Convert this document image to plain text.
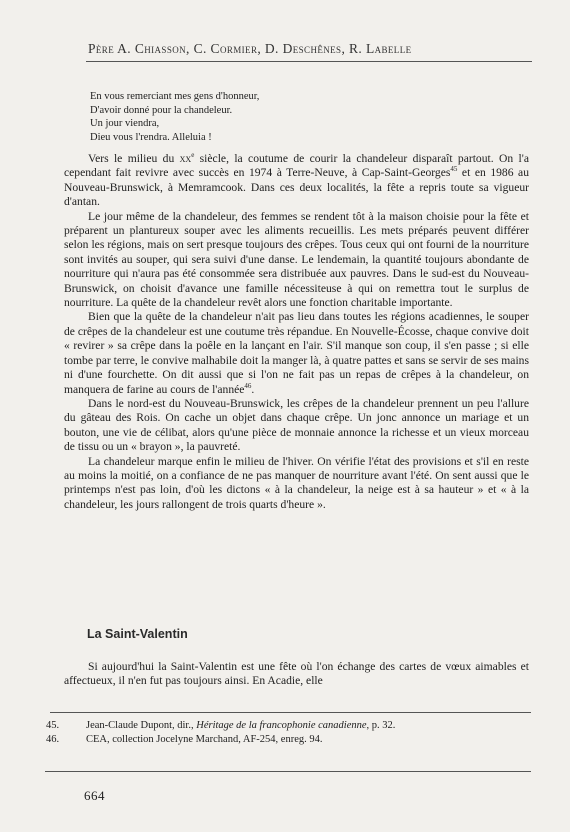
Père A. Chiasson, C. Cormier, D. Deschênes, R. Labelle
En vous remerciant mes gens d'honneur,
D'avoir donné pour la chandeleur.
Un jour viendra,
Dieu vous l'rendra. Alleluia !

Vers le milieu du $xx^e$ siècle, la coutume de courir la chandeleur disparaît partout. On l'a cependant fait revivre avec succès en 1974 à Terre-Neuve, à Cap-Saint-Georges$^{45}$ et en 1986 au Nouveau-Brunswick, à Memramcook. Dans ces deux localités, la fête a repris toute sa vigueur d'antan.

Le jour même de la chandeleur, des femmes se rendent tôt à la maison choisie pour la fête et préparent un plantureux souper avec les aliments recueillis. Les mets préparés peuvent différer selon les régions, mais on sert presque toujours des crêpes. Tous ceux qui ont fourni de la nourriture sont invités au souper, qui sera suivi d'une danse. Le lendemain, la quantité toujours abondante de nourriture qui n'aura pas été consommée sera distribuée aux pauvres. Dans le sud-est du Nouveau-Brunswick, on choisit d'avance une famille nécessiteuse à qui on remettra tout le surplus de nourriture. La quête de la chandeleur revêt alors une fonction charitable importante.

Bien que la quête de la chandeleur n'ait pas lieu dans toutes les régions acadiennes, le souper de crêpes de la chandeleur est une coutume très répandue. En Nouvelle-Écosse, chaque convive doit « revirer » sa crêpe dans la poêle en la lançant en l'air. S'il manque son coup, il s'en passe ; si elle tombe par terre, le convive malhabile doit la manger là, à quatre pattes et sans se servir de ses mains ni d'une fourchette. On dit aussi que si l'on ne fait pas un repas de crêpes à la chandeleur, on manquera de farine au cours de l'année$^{46}$.

Dans le nord-est du Nouveau-Brunswick, les crêpes de la chandeleur prennent un peu l'allure du gâteau des Rois. On cache un objet dans chaque crêpe. Un jonc annonce un mariage et un bouton, une vie de célibat, alors qu'une pièce de monnaie annonce la richesse et un vieux morceau de tissu ou un « brayon », la pauvreté.

La chandeleur marque enfin le milieu de l'hiver. On vérifie l'état des provisions et s'il en reste au moins la moitié, on a confiance de ne pas manquer de nourriture avant l'été. On sent aussi que le printemps n'est pas loin, d'où les dictons « à la chandeleur, la neige est à sa hauteur » et « à la chandeleur, les jours rallongent de trois quarts d'heure ».

La Saint-Valentin

Si aujourd'hui la Saint-Valentin est une fête où l'on échange des cartes de vœux aimables et affectueux, il n'en fut pas toujours ainsi. En Acadie, elle

45.	Jean-Claude Dupont, dir., Héritage de la francophonie canadienne, p. 32.
46.	CEA, collection Jocelyne Marchand, AF-254, enreg. 94.
664
